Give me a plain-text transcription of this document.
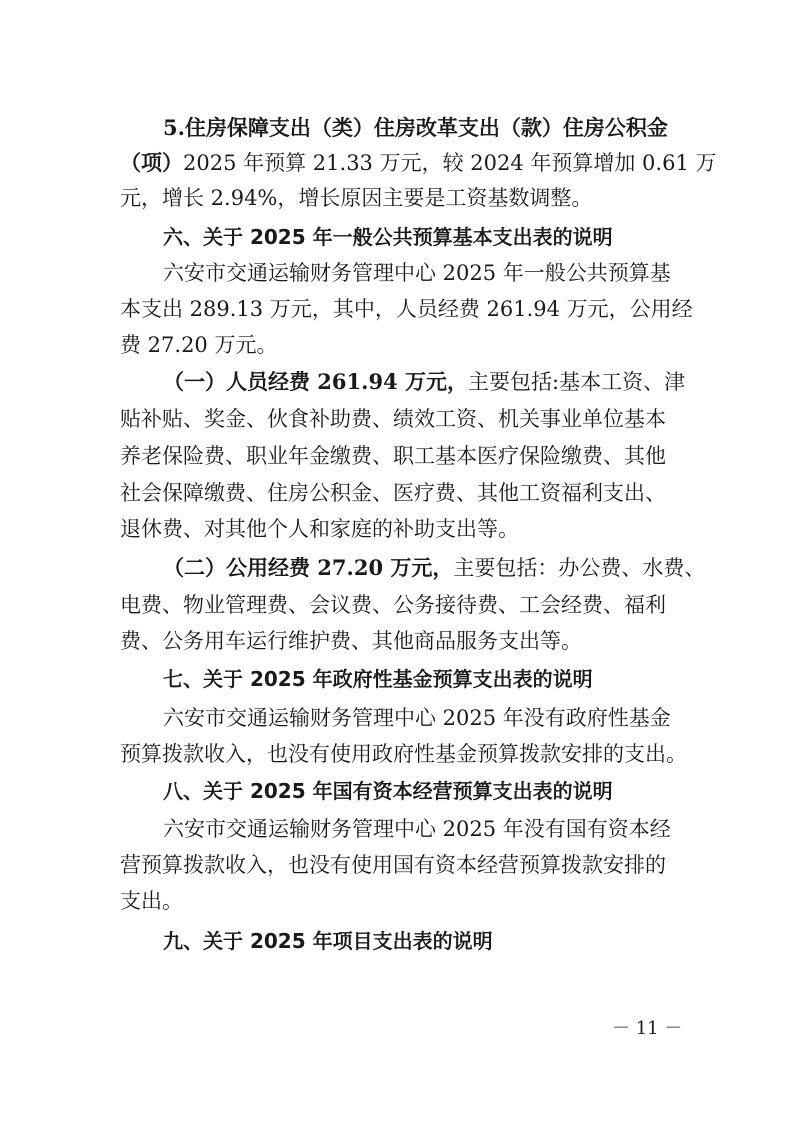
5.住房保障支出（类）住房改革支出（款）住房公积金
（项）2025 年预算 21.33 万元，较 2024 年预算增加 0.61 万
元，增长 2.94%，增长原因主要是工资基数调整。
六、关于 2025 年一般公共预算基本支出表的说明
六安市交通运输财务管理中心 2025 年一般公共预算基
本支出 289.13 万元，其中，人员经费 261.94 万元，公用经
费 27.20 万元。
（一）人员经费 261.94 万元，主要包括:基本工资、津
贴补贴、奖金、伙食补助费、绩效工资、机关事业单位基本
养老保险费、职业年金缴费、职工基本医疗保险缴费、其他
社会保障缴费、住房公积金、医疗费、其他工资福利支出、
退休费、对其他个人和家庭的补助支出等。
（二）公用经费 27.20 万元，主要包括：办公费、水费、
电费、物业管理费、会议费、公务接待费、工会经费、福利
费、公务用车运行维护费、其他商品服务支出等。
七、关于 2025 年政府性基金预算支出表的说明
六安市交通运输财务管理中心 2025 年没有政府性基金
预算拨款收入，也没有使用政府性基金预算拨款安排的支出。
八、关于 2025 年国有资本经营预算支出表的说明
六安市交通运输财务管理中心 2025 年没有国有资本经
营预算拨款收入，也没有使用国有资本经营预算拨款安排的
支出。
九、关于 2025 年项目支出表的说明
－ 11 －
